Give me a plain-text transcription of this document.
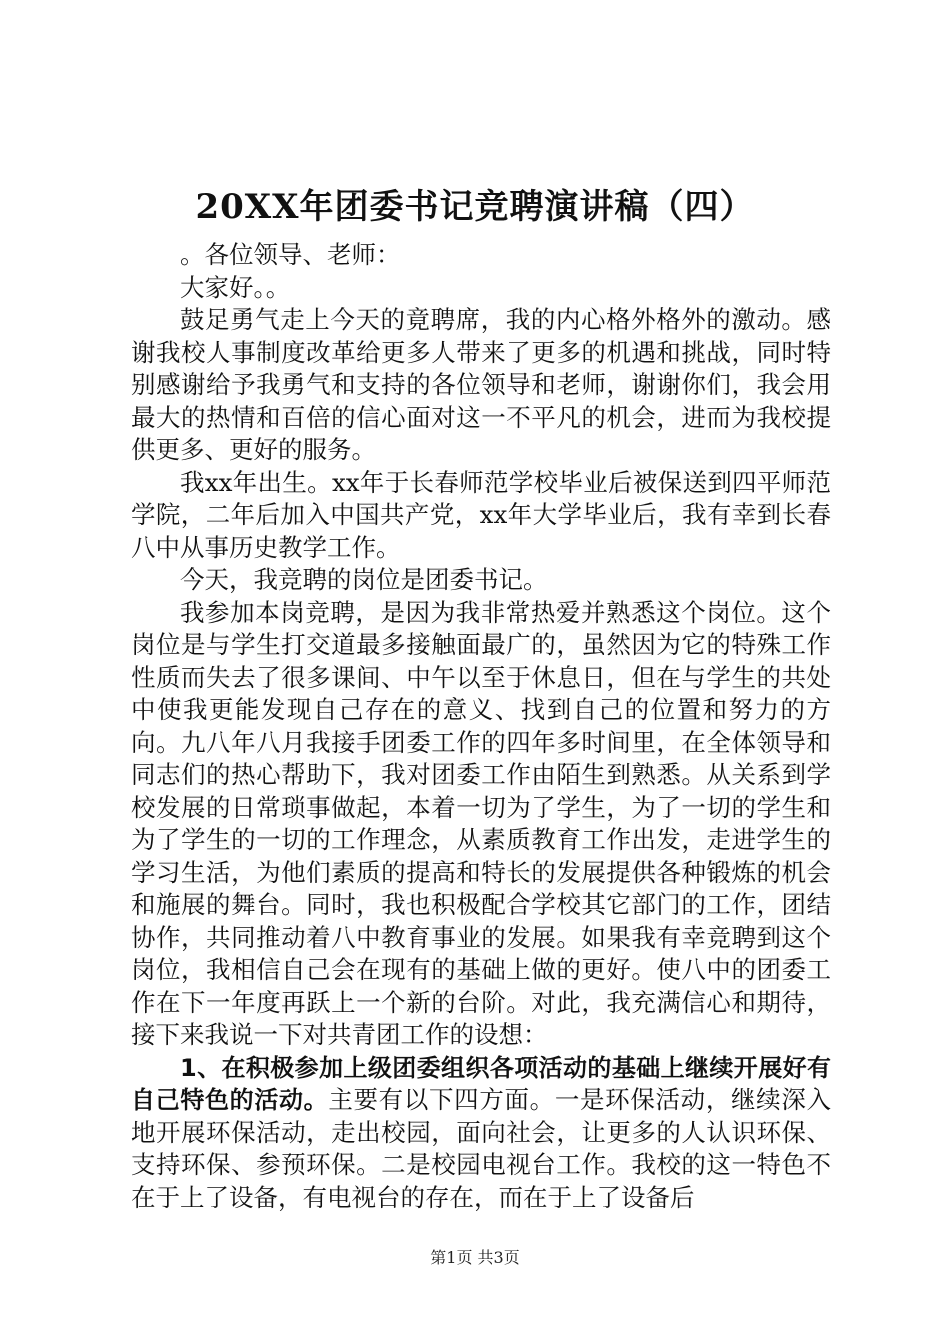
20XX年团委书记竞聘演讲稿（四）

。各位领导、老师：

大家好。。

鼓足勇气走上今天的竟聘席，我的内心格外格外的激动。感谢我校人事制度改革给更多人带来了更多的机遇和挑战，同时特别感谢给予我勇气和支持的各位领导和老师，谢谢你们，我会用最大的热情和百倍的信心面对这一不平凡的机会，进而为我校提供更多、更好的服务。

我xx年出生。xx年于长春师范学校毕业后被保送到四平师范学院，二年后加入中国共产党，xx年大学毕业后，我有幸到长春八中从事历史教学工作。

今天，我竞聘的岗位是团委书记。

我参加本岗竞聘，是因为我非常热爱并熟悉这个岗位。这个岗位是与学生打交道最多接触面最广的，虽然因为它的特殊工作性质而失去了很多课间、中午以至于休息日，但在与学生的共处中使我更能发现自己存在的意义、找到自己的位置和努力的方向。九八年八月我接手团委工作的四年多时间里，在全体领导和同志们的热心帮助下，我对团委工作由陌生到熟悉。从关系到学校发展的日常琐事做起，本着一切为了学生，为了一切的学生和为了学生的一切的工作理念，从素质教育工作出发，走进学生的学习生活，为他们素质的提高和特长的发展提供各种锻炼的机会和施展的舞台。同时，我也积极配合学校其它部门的工作，团结协作，共同推动着八中教育事业的发展。如果我有幸竞聘到这个岗位，我相信自己会在现有的基础上做的更好。使八中的团委工作在下一年度再跃上一个新的台阶。对此，我充满信心和期待，接下来我说一下对共青团工作的设想：

1、在积极参加上级团委组织各项活动的基础上继续开展好有自己特色的活动。主要有以下四方面。一是环保活动，继续深入地开展环保活动，走出校园，面向社会，让更多的人认识环保、支持环保、参预环保。二是校园电视台工作。我校的这一特色不在于上了设备，有电视台的存在，而在于上了设备后

第1页 共3页
